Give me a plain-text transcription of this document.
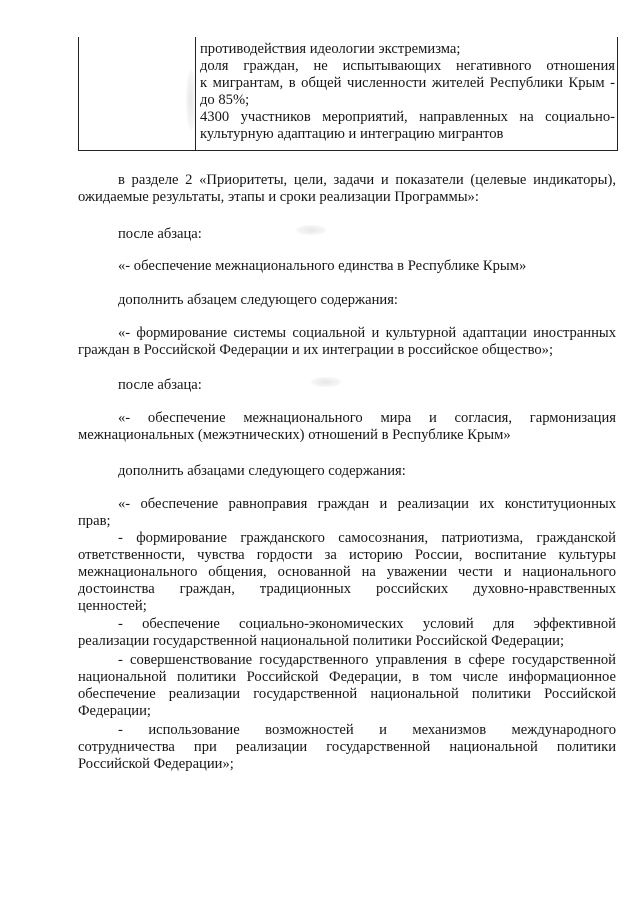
противодействия идеологии экстремизма;
доля граждан, не испытывающих негативного отношения
к мигрантам, в общей численности жителей Республики Крым -
до 85%;
4300 участников мероприятий, направленных на социально-
культурную адаптацию и интеграцию мигрантов
в разделе 2 «Приоритеты, цели, задачи и показатели (целевые индикаторы),
ожидаемые результаты, этапы и сроки реализации Программы»:
после абзаца:
«- обеспечение межнационального единства в Республике Крым»
дополнить абзацем следующего содержания:
«- формирование системы социальной и культурной адаптации иностранных
граждан в Российской Федерации и их интеграции в российское общество»;
после абзаца:
«- обеспечение межнационального мира и согласия, гармонизация
межнациональных (межэтнических) отношений в Республике Крым»
дополнить абзацами следующего содержания:
«- обеспечение равноправия граждан и реализации их конституционных
прав;
- формирование гражданского самосознания, патриотизма, гражданской
ответственности, чувства гордости за историю России, воспитание культуры
межнационального общения, основанной на уважении чести и национального
достоинства граждан, традиционных российских духовно-нравственных
ценностей;
- обеспечение социально-экономических условий для эффективной
реализации государственной национальной политики Российской Федерации;
- совершенствование государственного управления в сфере государственной
национальной политики Российской Федерации, в том числе информационное
обеспечение реализации государственной национальной политики Российской
Федерации;
- использование возможностей и механизмов международного
сотрудничества при реализации государственной национальной политики
Российской Федерации»;
